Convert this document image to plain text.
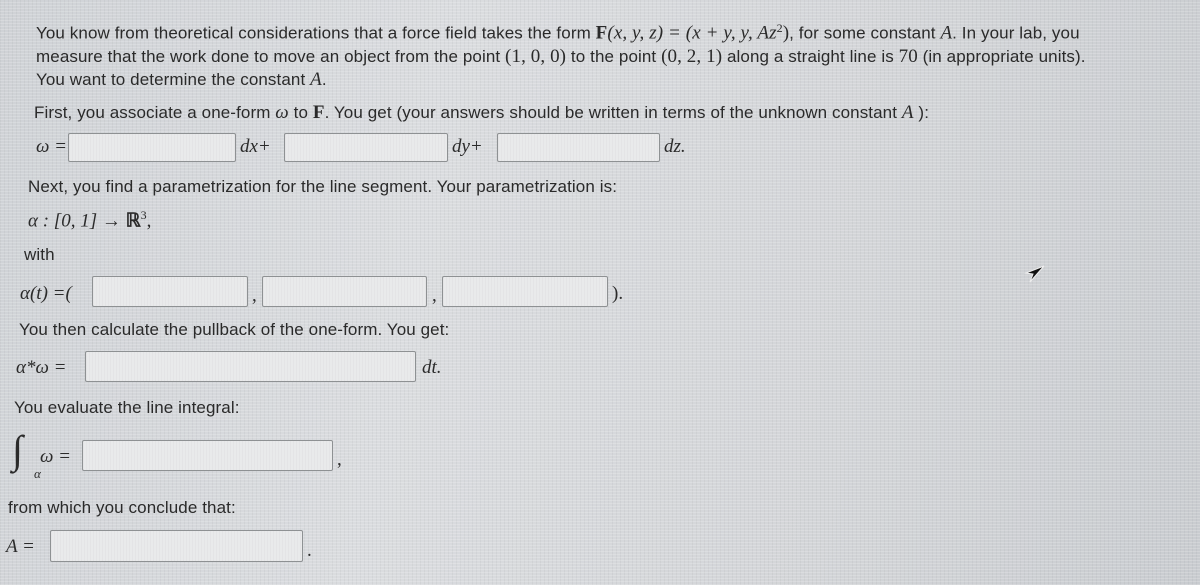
You know from theoretical considerations that a force field takes the form F(x, y, z) = (x + y, y, Az$^2$), for some constant A. In your lab, you
measure that the work done to move an object from the point (1, 0, 0) to the point (0, 2, 1) along a straight line is 70 (in appropriate units).
You want to determine the constant A.
First, you associate a one-form ω to F. You get (your answers should be written in terms of the unknown constant A ):
ω =	dx+	dy+	dz.
Next, you find a parametrization for the line segment. Your parametrization is:
α : [0, 1] → ℝ$^3$,
with
α(t) =(	,	,	).
You then calculate the pullback of the one-form. You get:
α*ω =	dt.
You evaluate the line integral:
∫
α
ω =	,
from which you conclude that:
A =	.
